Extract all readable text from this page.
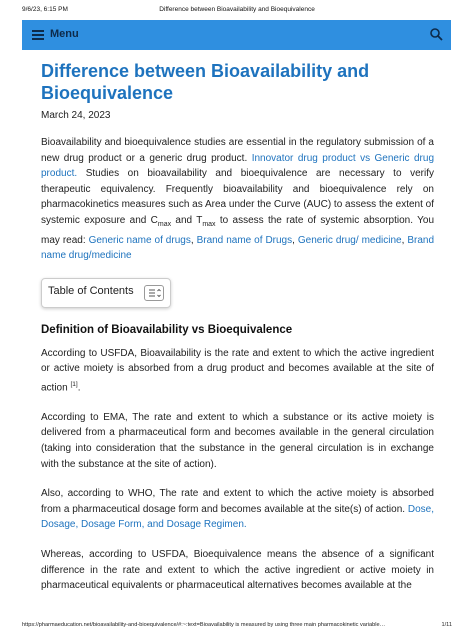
9/6/23, 6:15 PM	Difference between Bioavailability and Bioequivalence
Menu
Difference between Bioavailability and Bioequivalence
March 24, 2023

Bioavailability and bioequivalence studies are essential in the regulatory submission of a new drug product or a generic drug product. Innovator drug product vs Generic drug product. Studies on bioavailability and bioequivalence are necessary to verify therapeutic equivalency. Frequently bioavailability and bioequivalence rely on pharmacokinetics measures such as Area under the Curve (AUC) to assess the extent of systemic exposure and $C_{max}$ and $T_{max}$ to assess the rate of systemic absorption. You may read: Generic name of drugs, Brand name of Drugs, Generic drug/ medicine, Brand name drug/medicine

Table of Contents
Definition of Bioavailability vs Bioequivalence

According to USFDA, Bioavailability is the rate and extent to which the active ingredient or active moiety is absorbed from a drug product and becomes available at the site of action [1].

According to EMA, The rate and extent to which a substance or its active moiety is delivered from a pharmaceutical form and becomes available in the general circulation (taking into consideration that the substance in the general circulation is in exchange with the substance at the site of action).

Also, according to WHO, The rate and extent to which the active moiety is absorbed from a pharmaceutical dosage form and becomes available at the site(s) of action. Dose, Dosage, Dosage Form, and Dosage Regimen.

Whereas, according to USFDA, Bioequivalence means the absence of a significant difference in the rate and extent to which the active ingredient or active moiety in pharmaceutical equivalents or pharmaceutical alternatives becomes available at the

https://pharmaeducation.net/bioavailability-and-bioequivalence/#:~:text=Bioavailability is measured by using three main pharmacokinetic variable…	1/11
